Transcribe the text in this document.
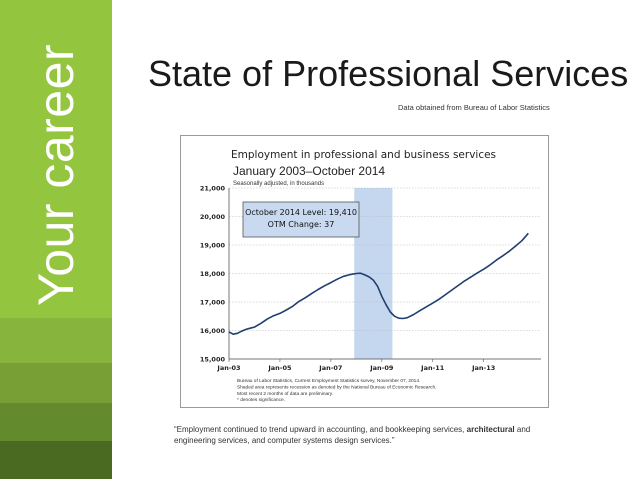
Your career State of Professional Services
Data obtained from Bureau of Labor Statistics
Employment in professional and business services
January 2003–October 2014
Seasonally adjusted, in thousands
15,000
16,000
17,000
18,000
19,000
20,000
21,000
Jan-03	Jan-05	Jan-07	Jan-09	Jan-11	Jan-13
October 2014 Level: 19,410
OTM Change: 37
Bureau of Labor Statistics, Current Employment Statistics survey, November 07, 2014.
Shaded area represents recession as denoted by the National Bureau of Economic Research.
Most recent 2 months of data are preliminary.
* denotes significance.
“Employment continued to trend upward in accounting, and bookkeeping services, architectural and engineering services, and computer systems design services.”
